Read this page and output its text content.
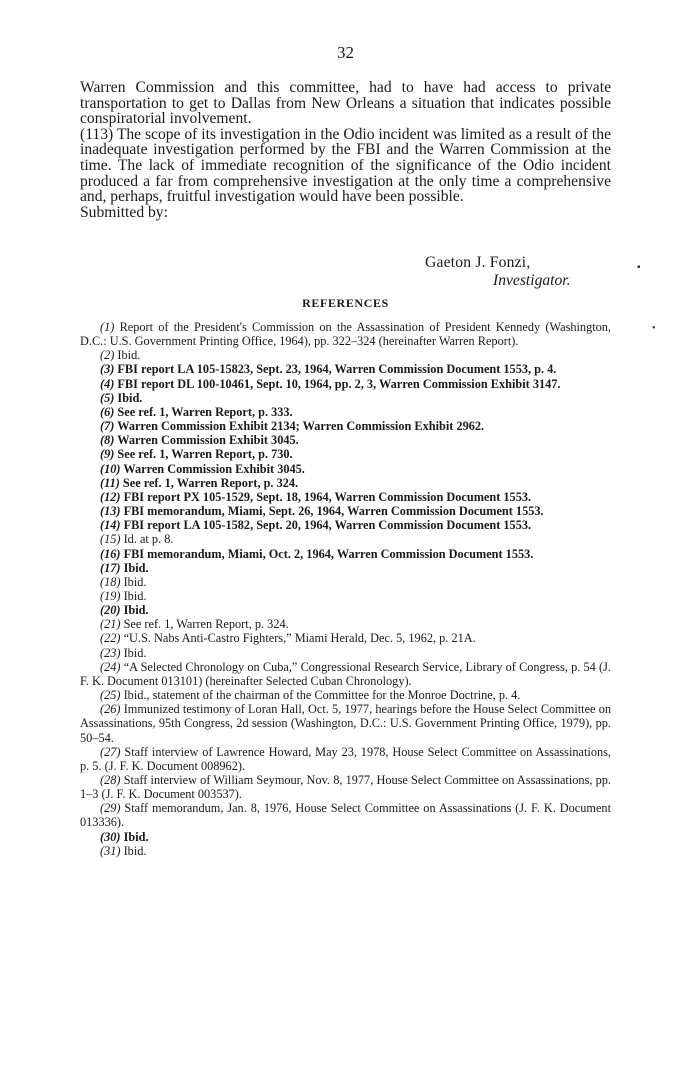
32

Warren Commission and this committee, had to have had access to private transportation to get to Dallas from New Orleans a situation that indicates possible conspiratorial involvement.

(113) The scope of its investigation in the Odio incident was limited as a result of the inadequate investigation performed by the FBI and the Warren Commission at the time. The lack of immediate recognition of the significance of the Odio incident produced a far from comprehensive investigation at the only time a comprehensive and, perhaps, fruitful investigation would have been possible.

Submitted by:

Gaeton J. Fonzi,
Investigator.
REFERENCES

(1) Report of the President's Commission on the Assassination of President Kennedy (Washington, D.C.: U.S. Government Printing Office, 1964), pp. 322–324 (hereinafter Warren Report).

(2) Ibid.

(3) FBI report LA 105-15823, Sept. 23, 1964, Warren Commission Document 1553, p. 4.

(4) FBI report DL 100-10461, Sept. 10, 1964, pp. 2, 3, Warren Commission Exhibit 3147.

(5) Ibid.

(6) See ref. 1, Warren Report, p. 333.

(7) Warren Commission Exhibit 2134; Warren Commission Exhibit 2962.

(8) Warren Commission Exhibit 3045.

(9) See ref. 1, Warren Report, p. 730.

(10) Warren Commission Exhibit 3045.

(11) See ref. 1, Warren Report, p. 324.

(12) FBI report PX 105-1529, Sept. 18, 1964, Warren Commission Document 1553.

(13) FBI memorandum, Miami, Sept. 26, 1964, Warren Commission Document 1553.

(14) FBI report LA 105-1582, Sept. 20, 1964, Warren Commission Document 1553.

(15) Id. at p. 8.

(16) FBI memorandum, Miami, Oct. 2, 1964, Warren Commission Document 1553.

(17) Ibid.

(18) Ibid.

(19) Ibid.

(20) Ibid.

(21) See ref. 1, Warren Report, p. 324.

(22) “U.S. Nabs Anti-Castro Fighters,” Miami Herald, Dec. 5, 1962, p. 21A.

(23) Ibid.

(24) “A Selected Chronology on Cuba,” Congressional Research Service, Library of Congress, p. 54 (J. F. K. Document 013101) (hereinafter Selected Cuban Chronology).

(25) Ibid., statement of the chairman of the Committee for the Monroe Doctrine, p. 4.

(26) Immunized testimony of Loran Hall, Oct. 5, 1977, hearings before the House Select Committee on Assassinations, 95th Congress, 2d session (Washington, D.C.: U.S. Government Printing Office, 1979), pp. 50–54.

(27) Staff interview of Lawrence Howard, May 23, 1978, House Select Committee on Assassinations, p. 5. (J. F. K. Document 008962).

(28) Staff interview of William Seymour, Nov. 8, 1977, House Select Committee on Assassinations, pp. 1–3 (J. F. K. Document 003537).

(29) Staff memorandum, Jan. 8, 1976, House Select Committee on Assassinations (J. F. K. Document 013336).

(30) Ibid.

(31) Ibid.

▪
•
